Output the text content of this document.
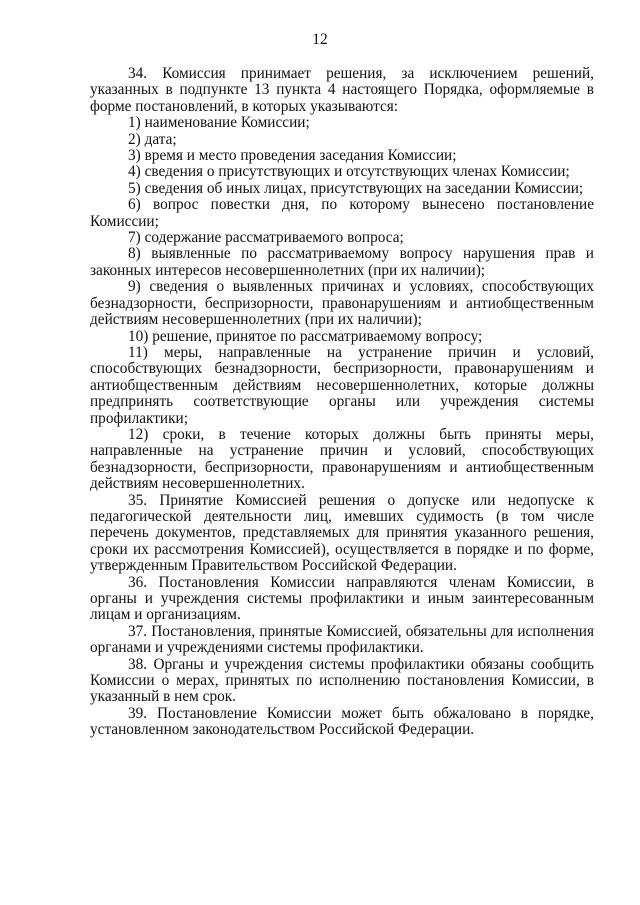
12

34. Комиссия принимает решения, за исключением решений, указанных в подпункте 13 пункта 4 настоящего Порядка, оформляемые в форме постановлений, в которых указываются:

1) наименование Комиссии;

2) дата;

3) время и место проведения заседания Комиссии;

4) сведения о присутствующих и отсутствующих членах Комиссии;

5) сведения об иных лицах, присутствующих на заседании Комиссии;

6) вопрос повестки дня, по которому вынесено постановление Комиссии;

7) содержание рассматриваемого вопроса;

8) выявленные по рассматриваемому вопросу нарушения прав и законных интересов несовершеннолетних (при их наличии);

9) сведения о выявленных причинах и условиях, способствующих безнадзорности, беспризорности, правонарушениям и антиобщественным действиям несовершеннолетних (при их наличии);

10) решение, принятое по рассматриваемому вопросу;

11) меры, направленные на устранение причин и условий, способствующих безнадзорности, беспризорности, правонарушениям и антиобщественным действиям несовершеннолетних, которые должны предпринять соответствующие органы или учреждения системы профилактики;

12) сроки, в течение которых должны быть приняты меры, направленные на устранение причин и условий, способствующих безнадзорности, беспризорности, правонарушениям и антиобщественным действиям несовершеннолетних.

35. Принятие Комиссией решения о допуске или недопуске к педагогической деятельности лиц, имевших судимость (в том числе перечень документов, представляемых для принятия указанного решения, сроки их рассмотрения Комиссией), осуществляется в порядке и по форме, утвержденным Правительством Российской Федерации.

36. Постановления Комиссии направляются членам Комиссии, в органы и учреждения системы профилактики и иным заинтересованным лицам и организациям.

37. Постановления, принятые Комиссией, обязательны для исполнения органами и учреждениями системы профилактики.

38. Органы и учреждения системы профилактики обязаны сообщить Комиссии о мерах, принятых по исполнению постановления Комиссии, в указанный в нем срок.

39. Постановление Комиссии может быть обжаловано в порядке, установленном законодательством Российской Федерации.
